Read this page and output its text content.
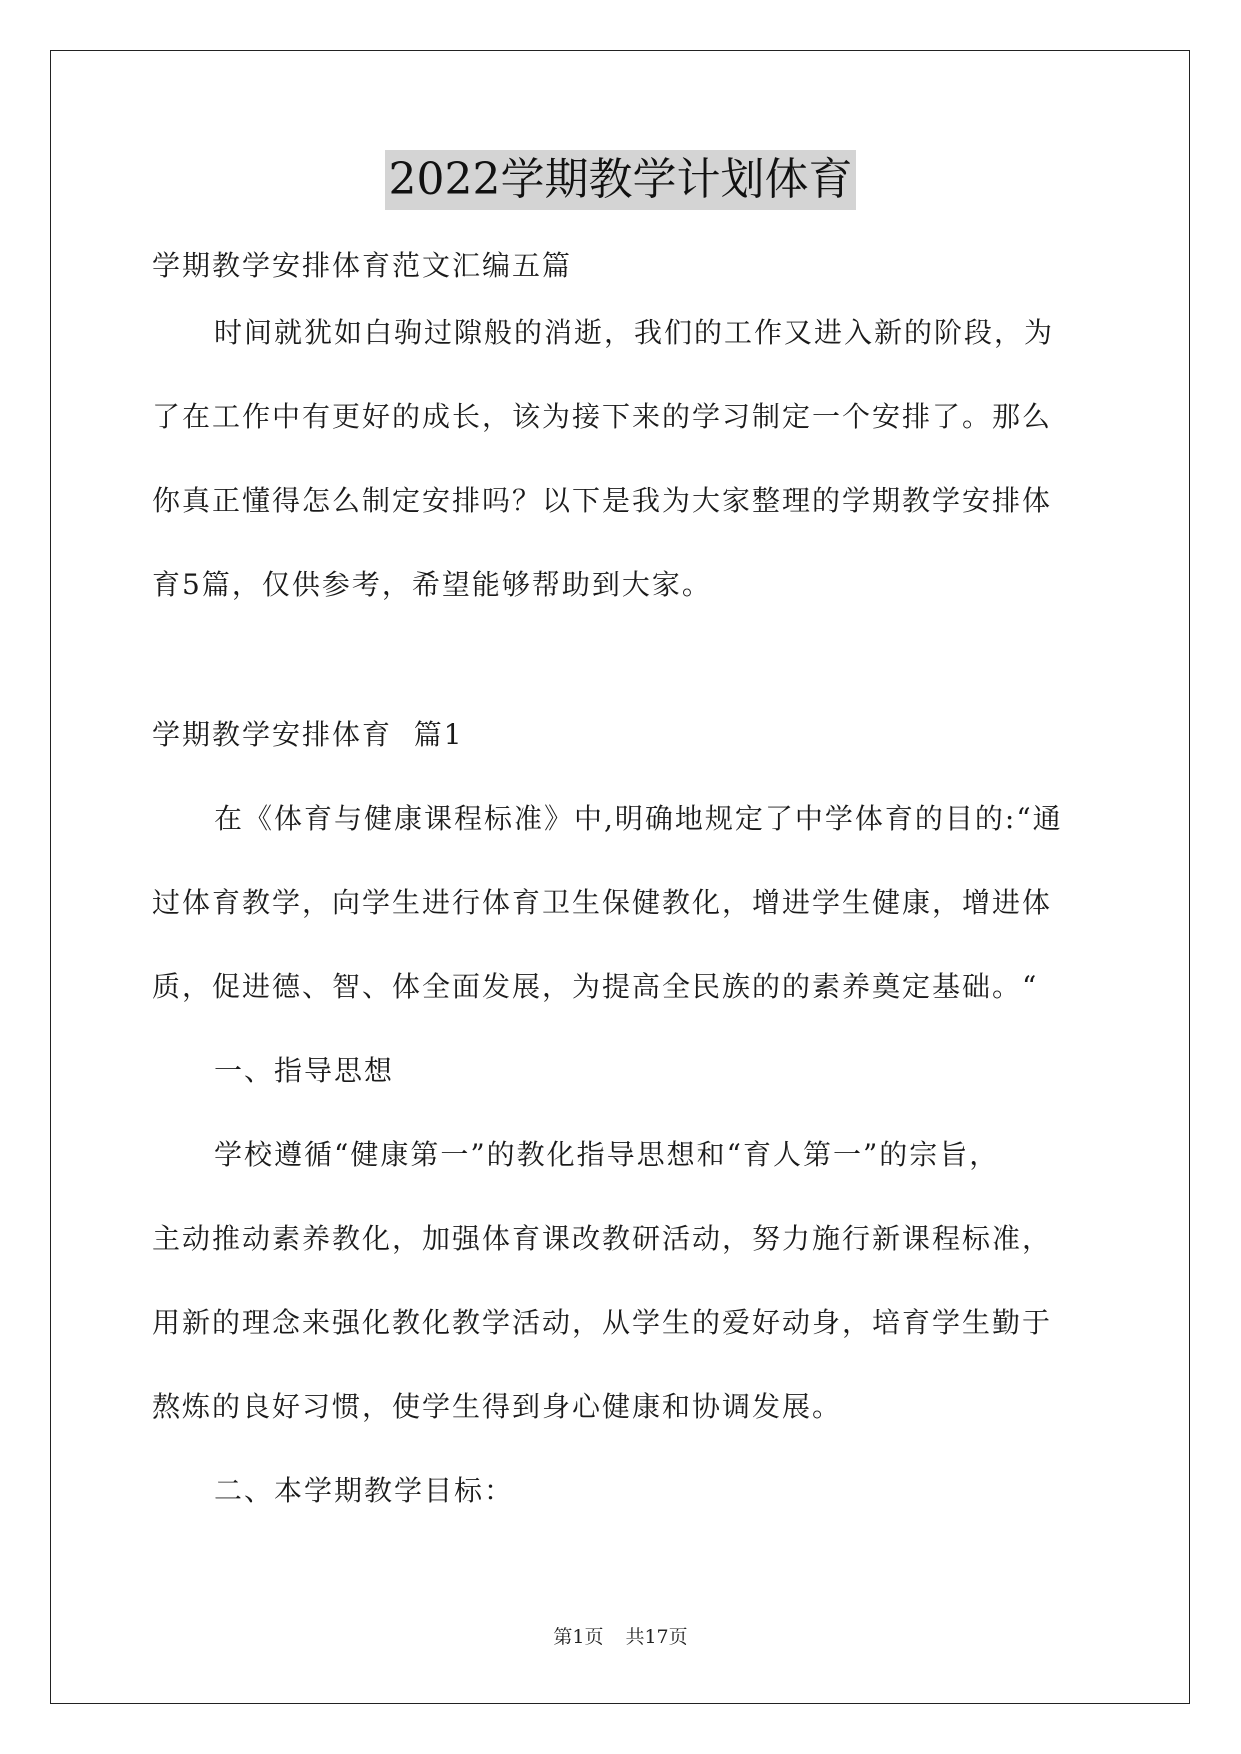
2022学期教学计划体育
学期教学安排体育范文汇编五篇
时间就犹如白驹过隙般的消逝，我们的工作又进入新的阶段，为
了在工作中有更好的成长，该为接下来的学习制定一个安排了。那么
你真正懂得怎么制定安排吗？以下是我为大家整理的学期教学安排体
育5篇，仅供参考，希望能够帮助到大家。
学期教学安排体育  篇1
在《体育与健康课程标准》中,明确地规定了中学体育的目的:“通
过体育教学，向学生进行体育卫生保健教化，增进学生健康，增进体
质，促进德、智、体全面发展，为提高全民族的的素养奠定基础。“
一、指导思想
学校遵循“健康第一”的教化指导思想和“育人第一”的宗旨，
主动推动素养教化，加强体育课改教研活动，努力施行新课程标准，
用新的理念来强化教化教学活动，从学生的爱好动身，培育学生勤于
熬炼的良好习惯，使学生得到身心健康和协调发展。
二、本学期教学目标：
第1页 共17页
